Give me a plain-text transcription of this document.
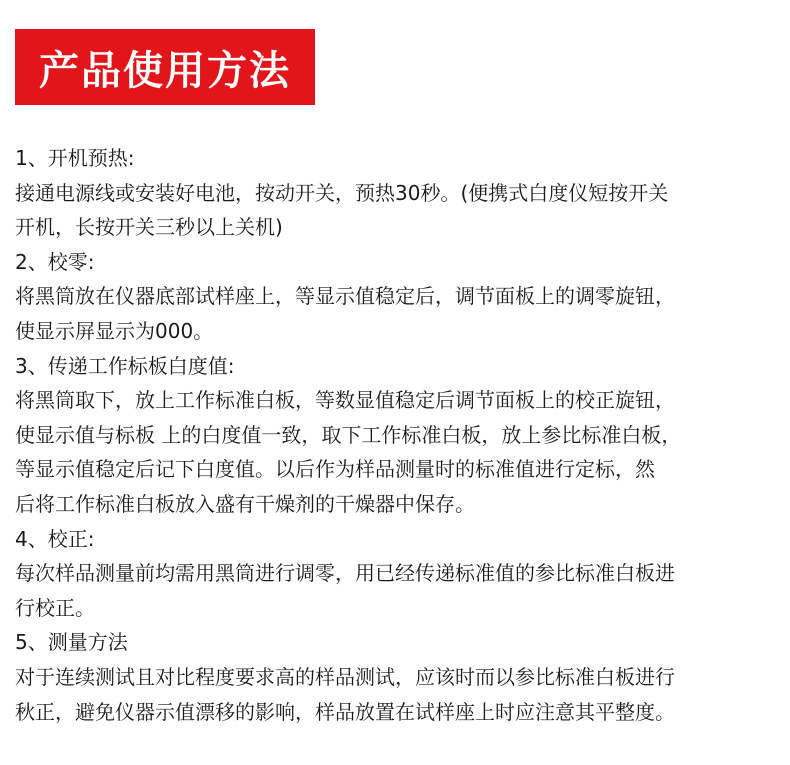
产品使用方法
1、开机预热:
接通电源线或安装好电池，按动开关，预热30秒。(便携式白度仪短按开关
开机，长按开关三秒以上关机)
2、校零:
将黑筒放在仪器底部试样座上，等显示值稳定后，调节面板上的调零旋钮，
使显示屏显示为000。
3、传递工作标板白度值:
将黑筒取下，放上工作标准白板，等数显值稳定后调节面板上的校正旋钮，
使显示值与标板 上的白度值一致，取下工作标准白板，放上参比标准白板，
等显示值稳定后记下白度值。以后作为样品测量时的标准值进行定标，然
后将工作标准白板放入盛有干燥剂的干燥器中保存。
4、校正:
每次样品测量前均需用黑筒进行调零，用已经传递标准值的参比标准白板进
行校正。
5、测量方法
对于连续测试且对比程度要求高的样品测试，应该时而以参比标准白板进行
秋正，避免仪器示值漂移的影响，样品放置在试样座上时应注意其平整度。
